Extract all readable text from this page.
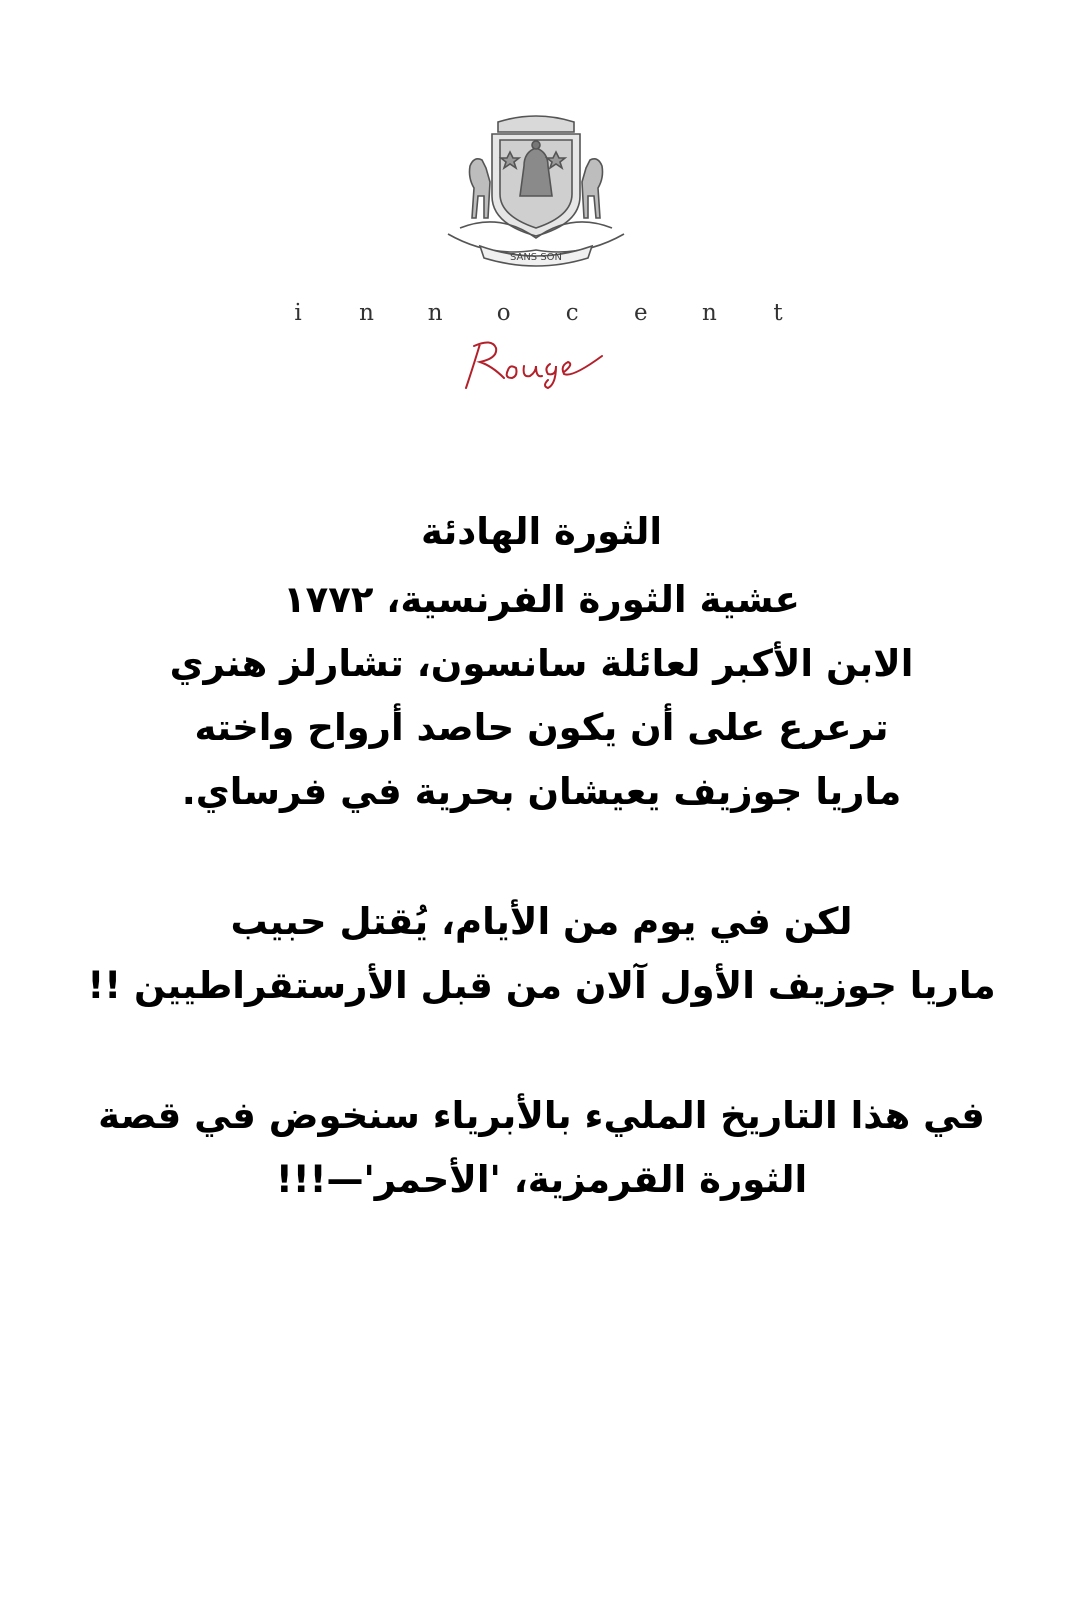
SANS SON
i n n o c e n t
الثورة الهادئة
عشية الثورة الفرنسية، ١٧٧٢
الابن الأكبر لعائلة سانسون، تشارلز هنري
ترعرع على أن يكون حاصد أرواح واخته
ماريا جوزيف يعيشان بحرية في فرساي.
لكن في يوم من الأيام، يُقتل حبيب
ماريا جوزيف الأول آلان من قبل الأرستقراطيين !!
في هذا التاريخ المليء بالأبرياء سنخوض في قصة
الثورة القرمزية، 'الأحمر'—!!!
